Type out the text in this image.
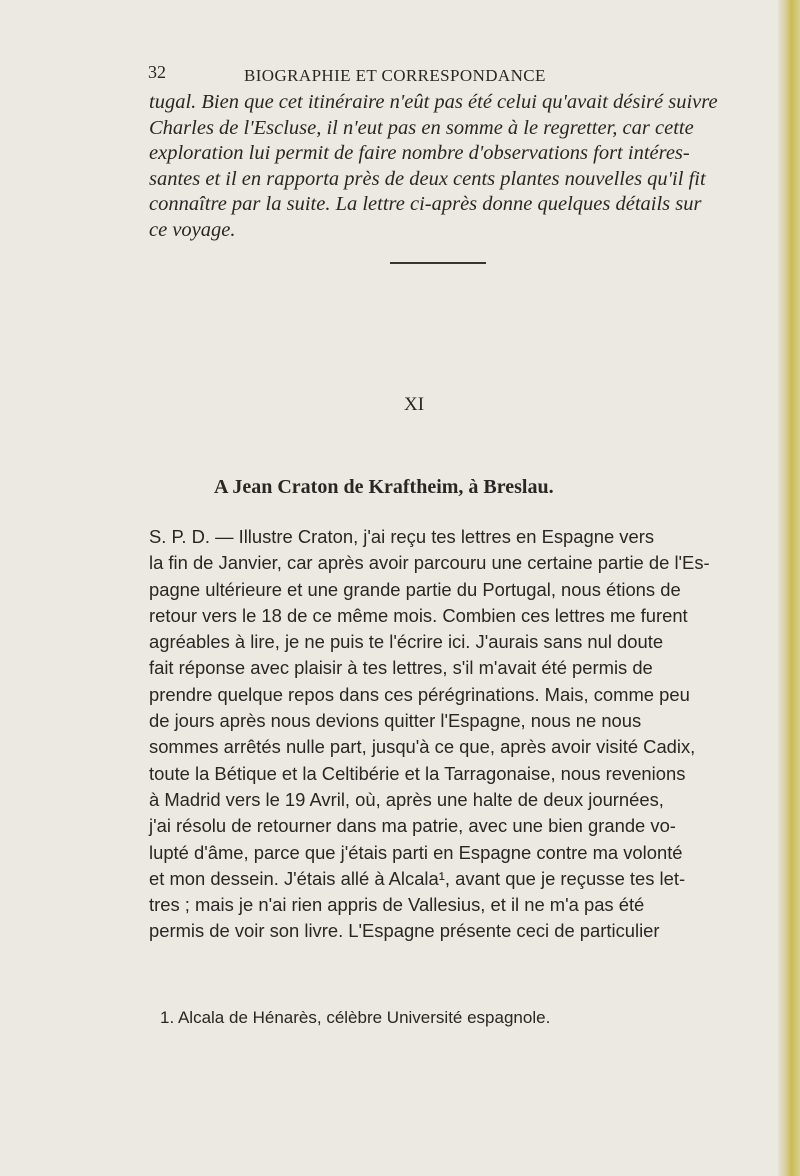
32	BIOGRAPHIE ET CORRESPONDANCE
tugal. Bien que cet itinéraire n'eût pas été celui qu'avait désiré suivre
Charles de l'Escluse, il n'eut pas en somme à le regretter, car cette
exploration lui permit de faire nombre d'observations fort intéres-
santes et il en rapporta près de deux cents plantes nouvelles qu'il fit
connaître par la suite. La lettre ci-après donne quelques détails sur
ce voyage.
XI
A Jean Craton de Kraftheim, à Breslau.
S. P. D. — Illustre Craton, j'ai reçu tes lettres en Espagne vers
la fin de Janvier, car après avoir parcouru une certaine partie de l'Es-
pagne ultérieure et une grande partie du Portugal, nous étions de
retour vers le 18 de ce même mois. Combien ces lettres me furent
agréables à lire, je ne puis te l'écrire ici. J'aurais sans nul doute
fait réponse avec plaisir à tes lettres, s'il m'avait été permis de
prendre quelque repos dans ces pérégrinations. Mais, comme peu
de jours après nous devions quitter l'Espagne, nous ne nous
sommes arrêtés nulle part, jusqu'à ce que, après avoir visité Cadix,
toute la Bétique et la Celtibérie et la Tarragonaise, nous revenions
à Madrid vers le 19 Avril, où, après une halte de deux journées,
j'ai résolu de retourner dans ma patrie, avec une bien grande vo-
lupté d'âme, parce que j'étais parti en Espagne contre ma volonté
et mon dessein. J'étais allé à Alcala¹, avant que je reçusse tes let-
tres ; mais je n'ai rien appris de Vallesius, et il ne m'a pas été
permis de voir son livre. L'Espagne présente ceci de particulier
1. Alcala de Hénarès, célèbre Université espagnole.
